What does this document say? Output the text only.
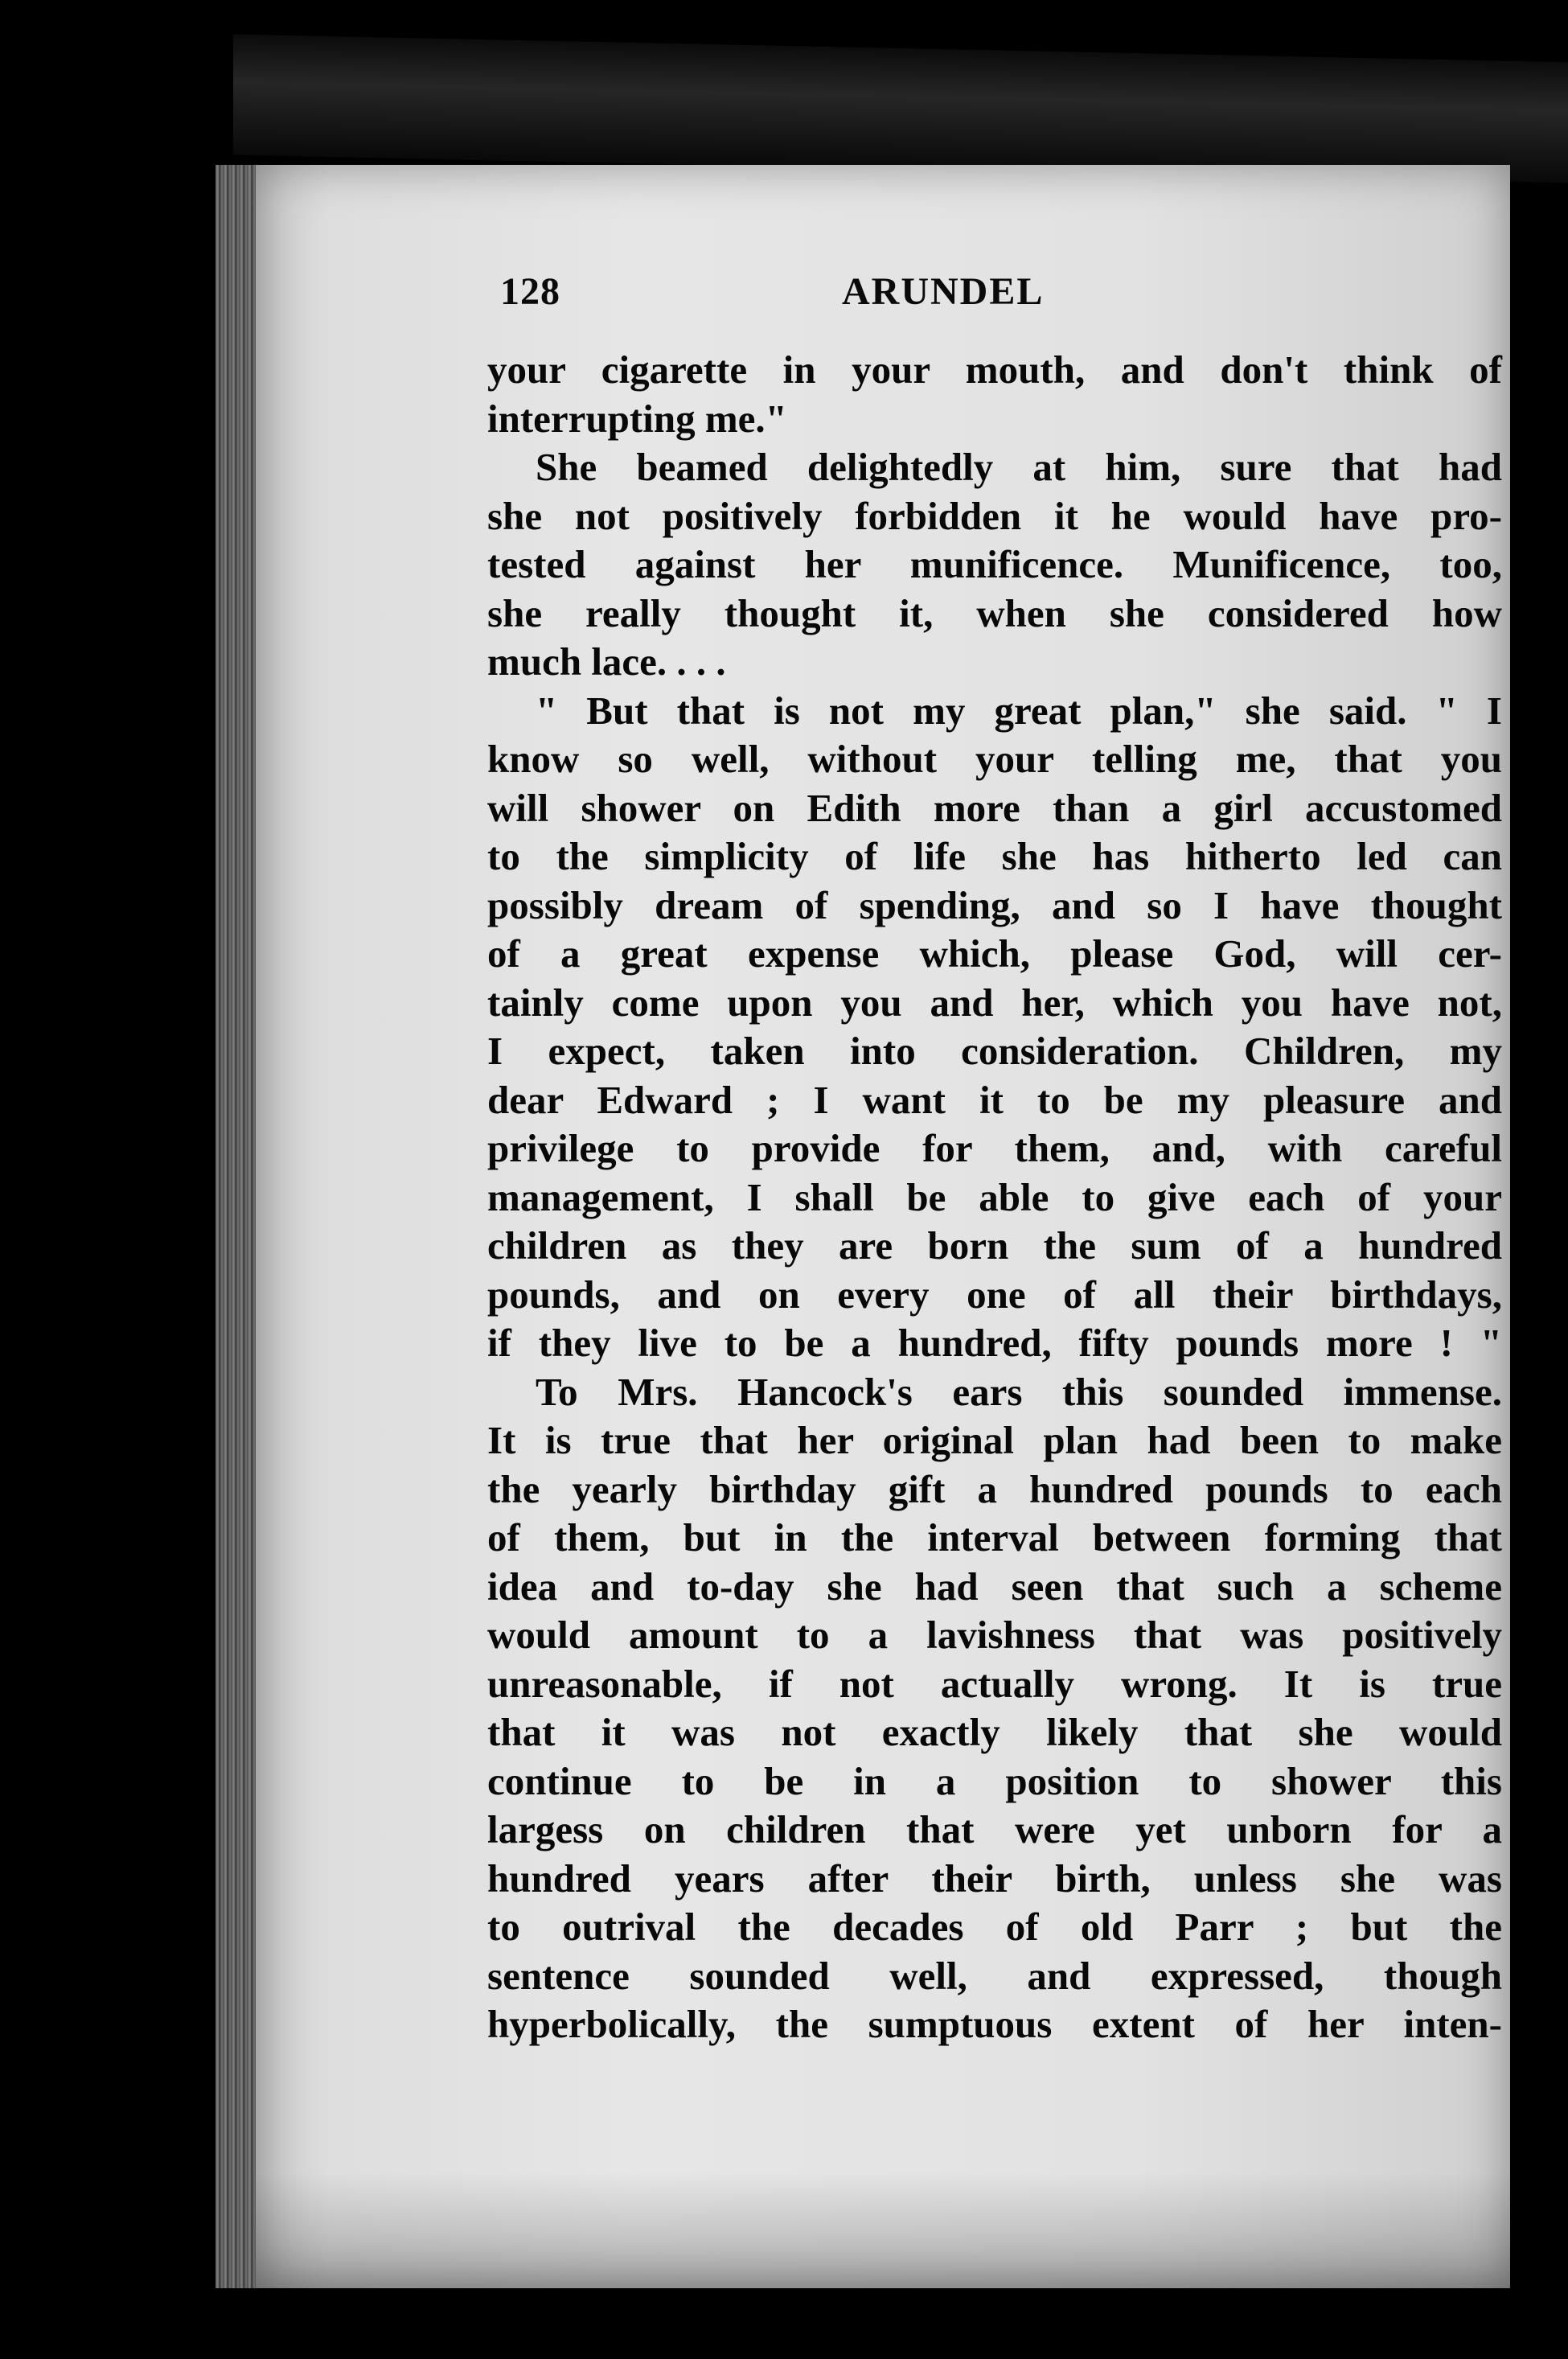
128	ARUNDEL
your cigarette in your mouth, and don't think of
interrupting me."
She beamed delightedly at him, sure that had
she not positively forbidden it he would have pro-
tested against her munificence. Munificence, too,
she really thought it, when she considered how
much lace. . . .
" But that is not my great plan," she said. " I
know so well, without your telling me, that you
will shower on Edith more than a girl accustomed
to the simplicity of life she has hitherto led can
possibly dream of spending, and so I have thought
of a great expense which, please God, will cer-
tainly come upon you and her, which you have not,
I expect, taken into consideration. Children, my
dear Edward ; I want it to be my pleasure and
privilege to provide for them, and, with careful
management, I shall be able to give each of your
children as they are born the sum of a hundred
pounds, and on every one of all their birthdays,
if they live to be a hundred, fifty pounds more ! "
To Mrs. Hancock's ears this sounded immense.
It is true that her original plan had been to make
the yearly birthday gift a hundred pounds to each
of them, but in the interval between forming that
idea and to-day she had seen that such a scheme
would amount to a lavishness that was positively
unreasonable, if not actually wrong. It is true
that it was not exactly likely that she would
continue to be in a position to shower this
largess on children that were yet unborn for a
hundred years after their birth, unless she was
to outrival the decades of old Parr ; but the
sentence sounded well, and expressed, though
hyperbolically, the sumptuous extent of her inten-
